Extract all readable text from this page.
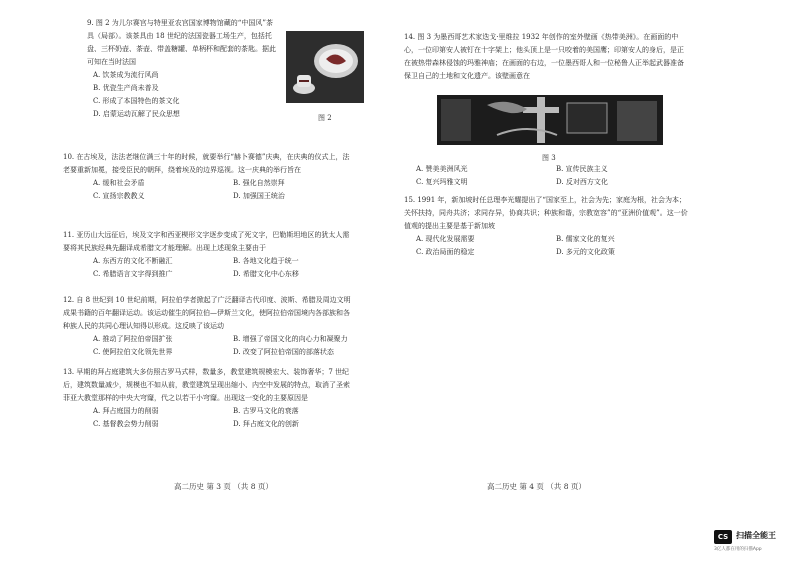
9. 图 2 为儿尔赛宫与特里亚农宫国家博物馆藏的“中国风”茶具（局部）。该茶具由 18 世纪的法国瓷器工场生产，包括托盘、三杯奶壶、茶壶、带盖糖罐、单柄杯和配套的茶匙。据此可知在当时法国
A. 饮茶成为流行风尚
B. 优瓷生产尚未普及
C. 形成了本国特色的茶文化
D. 启蒙运动瓦解了民众思想	图 2
10. 在古埃及，法法老继位满三十年的时候，就要举行“赫卜赛德”庆典，在庆典的仪式上，法老要重新加冕，接受臣民的朝拜，绕着埃及的边界巡视。这一庆典的举行旨在
A. 缓和社会矛盾	B. 强化自然崇拜
C. 宣扬宗教教义	D. 加强国王统治
11. 亚历山大远征后，埃及文字和西亚楔形文字逐步变成了死文字，巴勒斯坦地区的犹太人需要将其民族经典先翻译成希腊文才能理解。出现上述现象主要由于
A. 东西方的文化不断融汇	B. 各地文化趋于统一
C. 希腊语言文字得到推广	D. 希腊文化中心东移
12. 自 8 世纪到 10 世纪前期，阿拉伯学者掀起了广泛翻译古代印度、波斯、希腊及周边文明成果书籍的百年翻译运动。该运动催生的阿拉伯—伊斯兰文化，使阿拉伯帝国境内各部族和各种族人民的共同心理认知得以形成。这反映了该运动
A. 推动了阿拉伯帝国扩张	B. 增强了帝国文化的向心力和凝聚力
C. 使阿拉伯文化领先世界	D. 改变了阿拉伯帝国的部落状态
13. 早期的拜占庭建筑大多仿照古罗马式样，数量多，教堂建筑规模宏大、装饰奢华；7 世纪后，建筑数量减少，规模也不如从前，教堂建筑呈现出缩小、内空中发展的特点，取消了圣索菲亚大教堂那样的中央大穹窿，代之以若干小穹窿。出现这一变化的主要原因是
A. 拜占庭国力的削弱	B. 古罗马文化的衰落
C. 基督教会势力削弱	D. 拜占庭文化的创新
高二历史 第 3 页 （共 8 页）
14. 图 3 为墨西哥艺术家迭戈·里维拉 1932 年创作的室外壁画《热带美洲》。在画面的中心，一位印第安人被钉在十字架上；他头顶上是一只咬着的美国鹰；印第安人的身后，是正在被热带森林侵蚀的玛雅神庙；在画面的右边，一位墨西哥人和一位秘鲁人正举起武器准备保卫自己的土地和文化遗产。该壁画意在
图 3
A. 赞美美洲风光	B. 宣传民族主义
C. 复兴玛雅文明	D. 反对西方文化
15. 1991 年，新加坡时任总理李光耀提出了“国家至上，社会为先；家庭为根，社会为本；关怀扶持，同舟共济；求同存异，协商共识；种族和谐，宗教宽容”的“亚洲价值观”。这一价值观的提出主要是基于新加坡
A. 现代化发展需要	B. 儒家文化的复兴
C. 政治局面的稳定	D. 多元的文化政策
高二历史 第 4 页 （共 8 页）
CS 扫描全能王
3亿人都在用的扫描App
